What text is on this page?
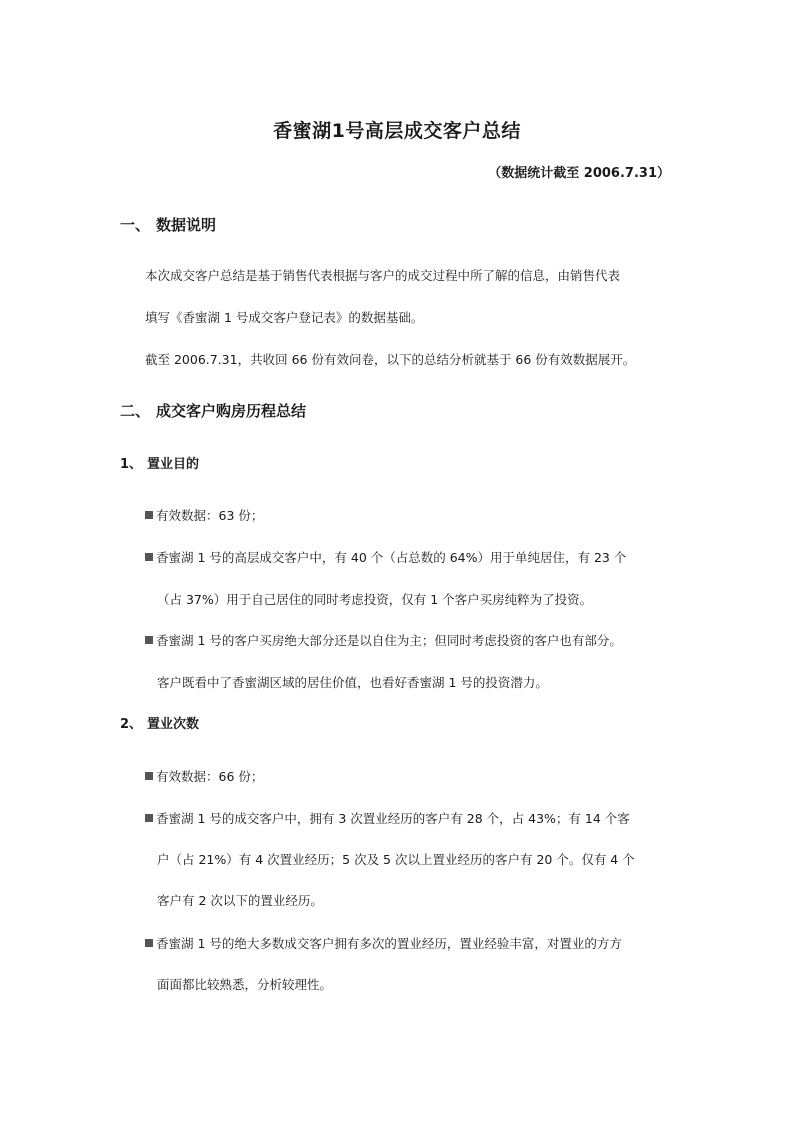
香蜜湖1号高层成交客户总结
（数据统计截至 2006.7.31）
一、 数据说明
本次成交客户总结是基于销售代表根据与客户的成交过程中所了解的信息，由销售代表
填写《香蜜湖 1 号成交客户登记表》的数据基础。
截至 2006.7.31，共收回 66 份有效问卷，以下的总结分析就基于 66 份有效数据展开。
二、 成交客户购房历程总结
1、 置业目的
有效数据：63 份；
香蜜湖 1 号的高层成交客户中，有 40 个（占总数的 64%）用于单纯居住，有 23 个
（占 37%）用于自己居住的同时考虑投资，仅有 1 个客户买房纯粹为了投资。
香蜜湖 1 号的客户买房绝大部分还是以自住为主；但同时考虑投资的客户也有部分。
客户既看中了香蜜湖区域的居住价值，也看好香蜜湖 1 号的投资潜力。
2、 置业次数
有效数据：66 份；
香蜜湖 1 号的成交客户中，拥有 3 次置业经历的客户有 28 个，占 43%；有 14 个客
户（占 21%）有 4 次置业经历；5 次及 5 次以上置业经历的客户有 20 个。仅有 4 个
客户有 2 次以下的置业经历。
香蜜湖 1 号的绝大多数成交客户拥有多次的置业经历，置业经验丰富，对置业的方方
面面都比较熟悉，分析较理性。
